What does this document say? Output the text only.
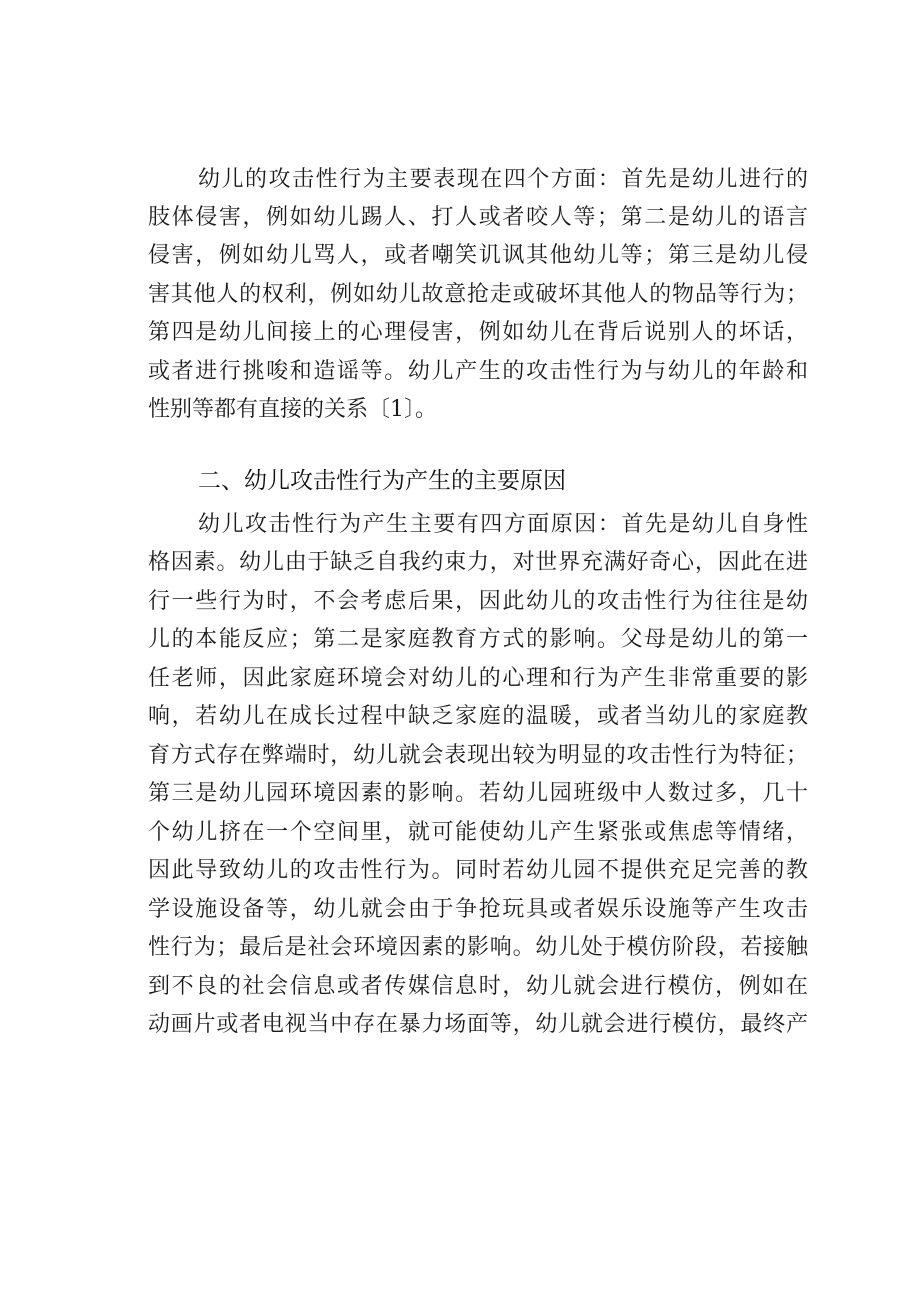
幼儿的攻击性行为主要表现在四个方面：首先是幼儿进行的
肢体侵害，例如幼儿踢人、打人或者咬人等；第二是幼儿的语言
侵害，例如幼儿骂人，或者嘲笑讥讽其他幼儿等；第三是幼儿侵
害其他人的权利，例如幼儿故意抢走或破坏其他人的物品等行为；
第四是幼儿间接上的心理侵害，例如幼儿在背后说别人的坏话，
或者进行挑唆和造谣等。幼儿产生的攻击性行为与幼儿的年龄和
性别等都有直接的关系〔1〕。
二、幼儿攻击性行为产生的主要原因
幼儿攻击性行为产生主要有四方面原因：首先是幼儿自身性
格因素。幼儿由于缺乏自我约束力，对世界充满好奇心，因此在进
行一些行为时，不会考虑后果，因此幼儿的攻击性行为往往是幼
儿的本能反应；第二是家庭教育方式的影响。父母是幼儿的第一
任老师，因此家庭环境会对幼儿的心理和行为产生非常重要的影
响，若幼儿在成长过程中缺乏家庭的温暖，或者当幼儿的家庭教
育方式存在弊端时，幼儿就会表现出较为明显的攻击性行为特征；
第三是幼儿园环境因素的影响。若幼儿园班级中人数过多，几十
个幼儿挤在一个空间里，就可能使幼儿产生紧张或焦虑等情绪，
因此导致幼儿的攻击性行为。同时若幼儿园不提供充足完善的教
学设施设备等，幼儿就会由于争抢玩具或者娱乐设施等产生攻击
性行为；最后是社会环境因素的影响。幼儿处于模仿阶段，若接触
到不良的社会信息或者传媒信息时，幼儿就会进行模仿，例如在
动画片或者电视当中存在暴力场面等，幼儿就会进行模仿，最终产
